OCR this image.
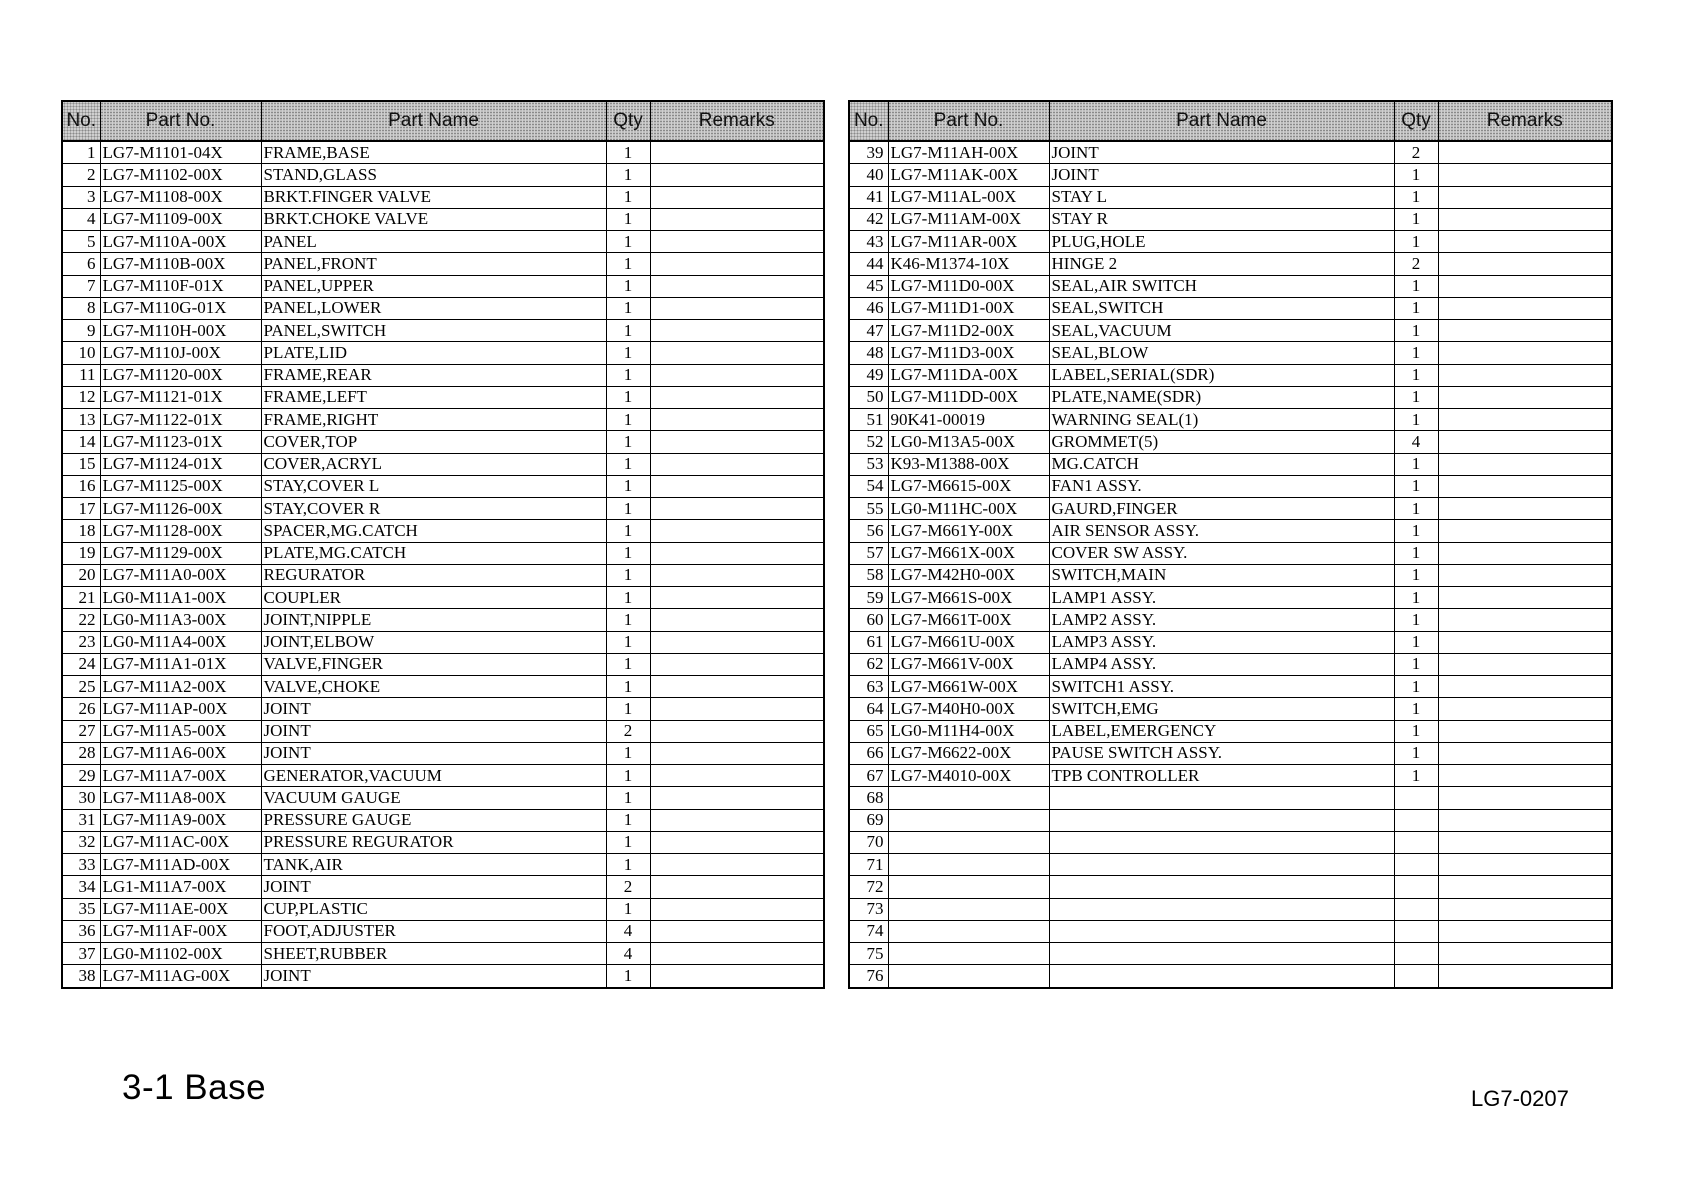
No.	Part No.	Part Name	Qty	Remarks
1	LG7-M1101-04X	FRAME,BASE	1	
2	LG7-M1102-00X	STAND,GLASS	1	
3	LG7-M1108-00X	BRKT.FINGER VALVE	1	
4	LG7-M1109-00X	BRKT.CHOKE VALVE	1	
5	LG7-M110A-00X	PANEL	1	
6	LG7-M110B-00X	PANEL,FRONT	1	
7	LG7-M110F-01X	PANEL,UPPER	1	
8	LG7-M110G-01X	PANEL,LOWER	1	
9	LG7-M110H-00X	PANEL,SWITCH	1	
10	LG7-M110J-00X	PLATE,LID	1	
11	LG7-M1120-00X	FRAME,REAR	1	
12	LG7-M1121-01X	FRAME,LEFT	1	
13	LG7-M1122-01X	FRAME,RIGHT	1	
14	LG7-M1123-01X	COVER,TOP	1	
15	LG7-M1124-01X	COVER,ACRYL	1	
16	LG7-M1125-00X	STAY,COVER L	1	
17	LG7-M1126-00X	STAY,COVER R	1	
18	LG7-M1128-00X	SPACER,MG.CATCH	1	
19	LG7-M1129-00X	PLATE,MG.CATCH	1	
20	LG7-M11A0-00X	REGURATOR	1	
21	LG0-M11A1-00X	COUPLER	1	
22	LG0-M11A3-00X	JOINT,NIPPLE	1	
23	LG0-M11A4-00X	JOINT,ELBOW	1	
24	LG7-M11A1-01X	VALVE,FINGER	1	
25	LG7-M11A2-00X	VALVE,CHOKE	1	
26	LG7-M11AP-00X	JOINT	1	
27	LG7-M11A5-00X	JOINT	2	
28	LG7-M11A6-00X	JOINT	1	
29	LG7-M11A7-00X	GENERATOR,VACUUM	1	
30	LG7-M11A8-00X	VACUUM GAUGE	1	
31	LG7-M11A9-00X	PRESSURE GAUGE	1	
32	LG7-M11AC-00X	PRESSURE REGURATOR	1	
33	LG7-M11AD-00X	TANK,AIR	1	
34	LG1-M11A7-00X	JOINT	2	
35	LG7-M11AE-00X	CUP,PLASTIC	1	
36	LG7-M11AF-00X	FOOT,ADJUSTER	4	
37	LG0-M1102-00X	SHEET,RUBBER	4	
38	LG7-M11AG-00X	JOINT	1	
No.	Part No.	Part Name	Qty	Remarks
39	LG7-M11AH-00X	JOINT	2	
40	LG7-M11AK-00X	JOINT	1	
41	LG7-M11AL-00X	STAY L	1	
42	LG7-M11AM-00X	STAY R	1	
43	LG7-M11AR-00X	PLUG,HOLE	1	
44	K46-M1374-10X	HINGE 2	2	
45	LG7-M11D0-00X	SEAL,AIR SWITCH	1	
46	LG7-M11D1-00X	SEAL,SWITCH	1	
47	LG7-M11D2-00X	SEAL,VACUUM	1	
48	LG7-M11D3-00X	SEAL,BLOW	1	
49	LG7-M11DA-00X	LABEL,SERIAL(SDR)	1	
50	LG7-M11DD-00X	PLATE,NAME(SDR)	1	
51	90K41-00019	WARNING SEAL(1)	1	
52	LG0-M13A5-00X	GROMMET(5)	4	
53	K93-M1388-00X	MG.CATCH	1	
54	LG7-M6615-00X	FAN1 ASSY.	1	
55	LG0-M11HC-00X	GAURD,FINGER	1	
56	LG7-M661Y-00X	AIR SENSOR ASSY.	1	
57	LG7-M661X-00X	COVER SW ASSY.	1	
58	LG7-M42H0-00X	SWITCH,MAIN	1	
59	LG7-M661S-00X	LAMP1 ASSY.	1	
60	LG7-M661T-00X	LAMP2 ASSY.	1	
61	LG7-M661U-00X	LAMP3 ASSY.	1	
62	LG7-M661V-00X	LAMP4 ASSY.	1	
63	LG7-M661W-00X	SWITCH1 ASSY.	1	
64	LG7-M40H0-00X	SWITCH,EMG	1	
65	LG0-M11H4-00X	LABEL,EMERGENCY	1	
66	LG7-M6622-00X	PAUSE SWITCH ASSY.	1	
67	LG7-M4010-00X	TPB CONTROLLER	1	
68				
69				
70				
71				
72				
73				
74				
75				
76				
3-1 Base	LG7-0207
